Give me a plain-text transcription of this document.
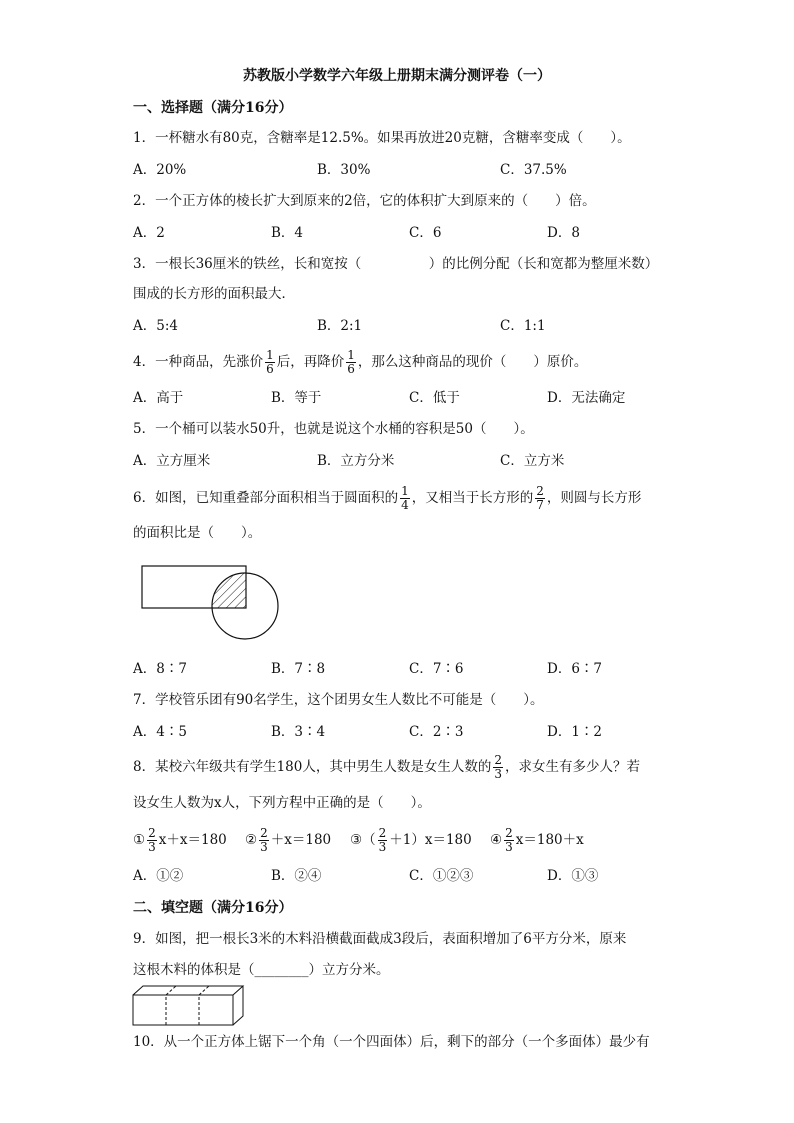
苏教版小学数学六年级上册期末满分测评卷（一）
一、选择题（满分16分）
1．一杯糖水有80克，含糖率是12.5%。如果再放进20克糖，含糖率变成（　　）。
A．20%	B．30%	C．37.5%
2．一个正方体的棱长扩大到原来的2倍，它的体积扩大到原来的（　　）倍。
A．2	B．4	C．6	D．8
3．一根长36厘米的铁丝，长和宽按（　　　　　）的比例分配（长和宽都为整厘米数）
围成的长方形的面积最大．
A．5:4	B．2:1	C．1:1
4．一种商品，先涨价 $\frac{1}{6}$ 后，再降价 $\frac{1}{6}$ ，那么这种商品的现价（　　）原价。
A．高于	B．等于	C．低于	D．无法确定
5．一个桶可以装水50升，也就是说这个水桶的容积是50（　　）。
A．立方厘米	B．立方分米	C．立方米
6．如图，已知重叠部分面积相当于圆面积的 $\frac{1}{4}$ ，又相当于长方形的 $\frac{2}{7}$ ，则圆与长方形
的面积比是（　　）。
A．8∶7	B．7∶8	C．7∶6	D．6∶7
7．学校管乐团有90名学生，这个团男女生人数比不可能是（　　）。
A．4∶5	B．3∶4	C．2∶3	D．1∶2
8．某校六年级共有学生180人，其中男生人数是女生人数的 $\frac{2}{3}$ ，求女生有多少人？若
设女生人数为x人，下列方程中正确的是（　　）。
① $\frac{2}{3} x+x=180$ ② $\frac{2}{3} +x=180$ ③（ $\frac{2}{3} +1)x=180$ ④ $\frac{2}{3} x=180+x$
A．①②	B．②④	C．①②③	D．①③
二、填空题（满分16分）
9．如图，把一根长3米的木料沿横截面截成3段后，表面积增加了6平方分米，原来
这根木料的体积是（________）立方分米。
10．从一个正方体上锯下一个角（一个四面体）后，剩下的部分（一个多面体）最少有
